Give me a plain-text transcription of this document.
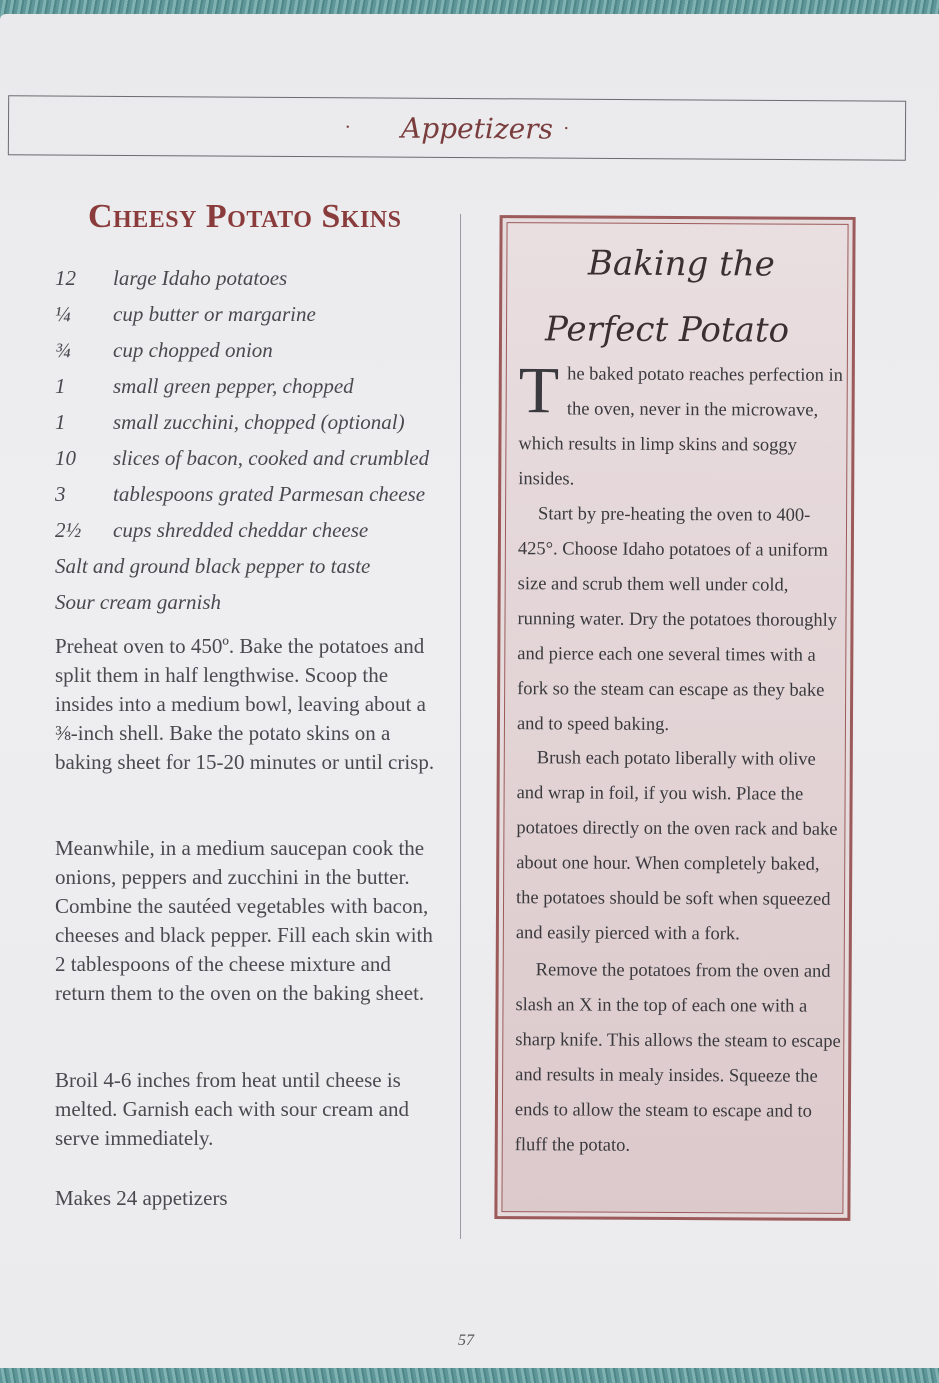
· Appetizers ·
Cheesy Potato Skins
12	large Idaho potatoes
¼	cup butter or margarine
¾	cup chopped onion
1	small green pepper, chopped
1	small zucchini, chopped (optional)
10	slices of bacon, cooked and crumbled
3	tablespoons grated Parmesan cheese
2½	cups shredded cheddar cheese
Salt and ground black pepper to taste
Sour cream garnish
Preheat oven to 450º. Bake the potatoes and split them in half lengthwise. Scoop the insides into a medium bowl, leaving about a ⅜-inch shell. Bake the potato skins on a baking sheet for 15-20 minutes or until crisp.
Meanwhile, in a medium saucepan cook the onions, peppers and zucchini in the butter. Combine the sautéed vegetables with bacon, cheeses and black pepper. Fill each skin with 2 tablespoons of the cheese mixture and return them to the oven on the baking sheet.
Broil 4-6 inches from heat until cheese is melted. Garnish each with sour cream and serve immediately.
Makes 24 appetizers
Baking the
Perfect Potato
The baked potato reaches perfection in the oven, never in the microwave, which results in limp skins and soggy insides.
Start by pre-heating the oven to 400-425°. Choose Idaho potatoes of a uniform size and scrub them well under cold, running water. Dry the potatoes thoroughly and pierce each one several times with a fork so the steam can escape as they bake and to speed baking.
Brush each potato liberally with olive and wrap in foil, if you wish. Place the potatoes directly on the oven rack and bake about one hour. When completely baked, the potatoes should be soft when squeezed and easily pierced with a fork.
Remove the potatoes from the oven and slash an X in the top of each one with a sharp knife. This allows the steam to escape and results in mealy insides. Squeeze the ends to allow the steam to escape and to fluff the potato.
57
